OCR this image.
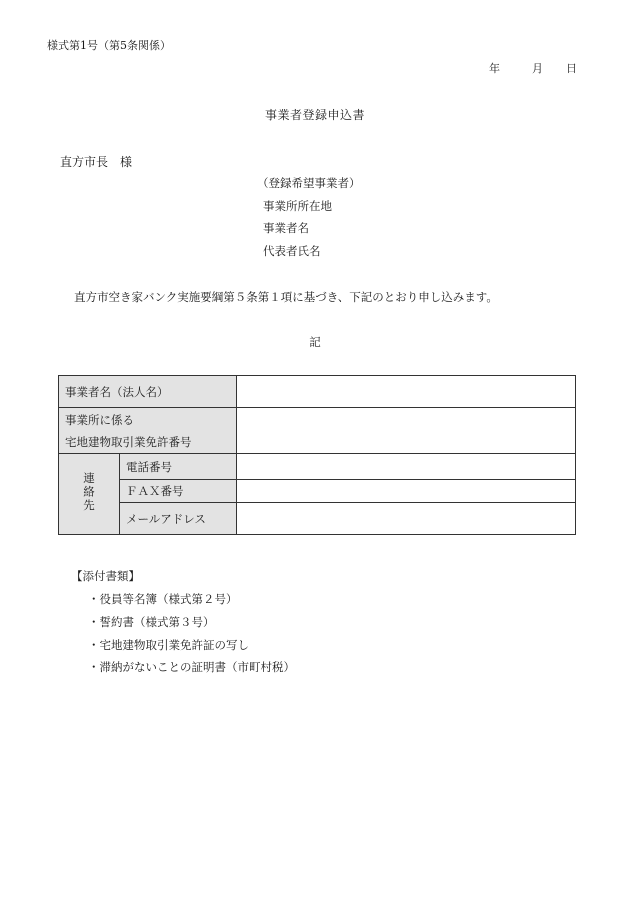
様式第1号（第5条関係）
年	月 日
事業者登録申込書
直方市長　様
（登録希望事業者）
事業所所在地
事業者名
代表者氏名
直方市空き家バンク実施要綱第５条第１項に基づき、下記のとおり申し込みます。
記
事業者名（法人名）		

事業所に係る
宅地建物取引業免許番号		

連絡先	電話番号	
	ＦＡＸ番号	
	メールアドレス	
【添付書類】
・役員等名簿（様式第２号）
・誓約書（様式第３号）
・宅地建物取引業免許証の写し
・滞納がないことの証明書（市町村税）
